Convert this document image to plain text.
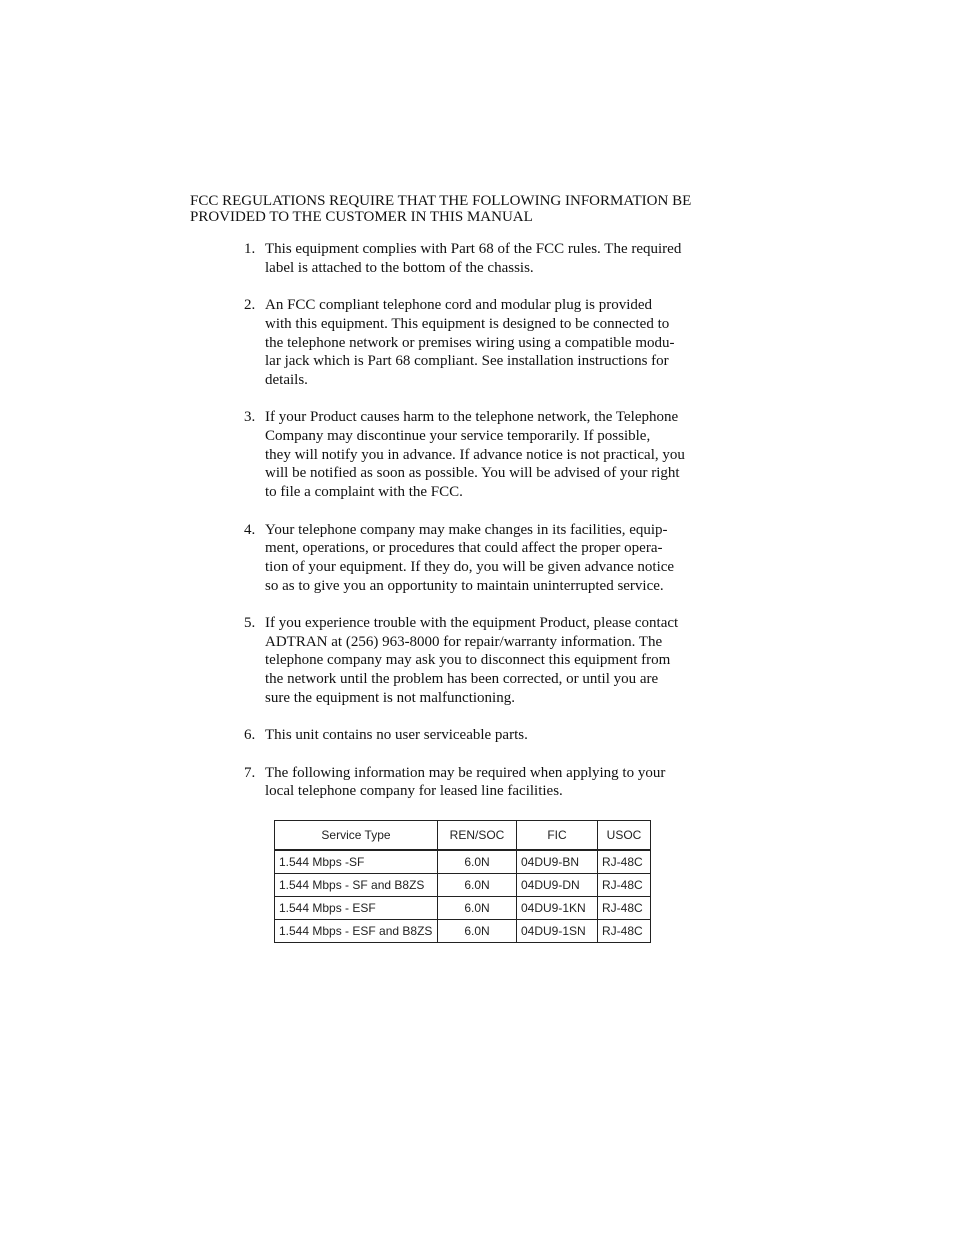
FCC REGULATIONS REQUIRE THAT THE FOLLOWING INFORMATION BE
PROVIDED TO THE CUSTOMER IN THIS MANUAL
1. This equipment complies with Part 68 of the FCC rules. The required
label is attached to the bottom of the chassis.
2. An FCC compliant telephone cord and modular plug is provided
with this equipment. This equipment is designed to be connected to
the telephone network or premises wiring using a compatible modu-
lar jack which is Part 68 compliant. See installation instructions for
details.
3. If your Product causes harm to the telephone network, the Telephone
Company may discontinue your service temporarily. If possible,
they will notify you in advance. If advance notice is not practical, you
will be notified as soon as possible. You will be advised of your right
to file a complaint with the FCC.
4. Your telephone company may make changes in its facilities, equip-
ment, operations, or procedures that could affect the proper opera-
tion of your equipment. If they do, you will be given advance notice
so as to give you an opportunity to maintain uninterrupted service.
5. If you experience trouble with the equipment Product, please contact
ADTRAN at (256) 963-8000 for repair/warranty information. The
telephone company may ask you to disconnect this equipment from
the network until the problem has been corrected, or until you are
sure the equipment is not malfunctioning.
6. This unit contains no user serviceable parts.
7. The following information may be required when applying to your
local telephone company for leased line facilities.
Service Type	REN/SOC	FIC	USOC
1.544 Mbps -SF	6.0N	04DU9-BN	RJ-48C
1.544 Mbps - SF and B8ZS	6.0N	04DU9-DN	RJ-48C
1.544 Mbps - ESF	6.0N	04DU9-1KN	RJ-48C
1.544 Mbps - ESF and B8ZS	6.0N	04DU9-1SN	RJ-48C
